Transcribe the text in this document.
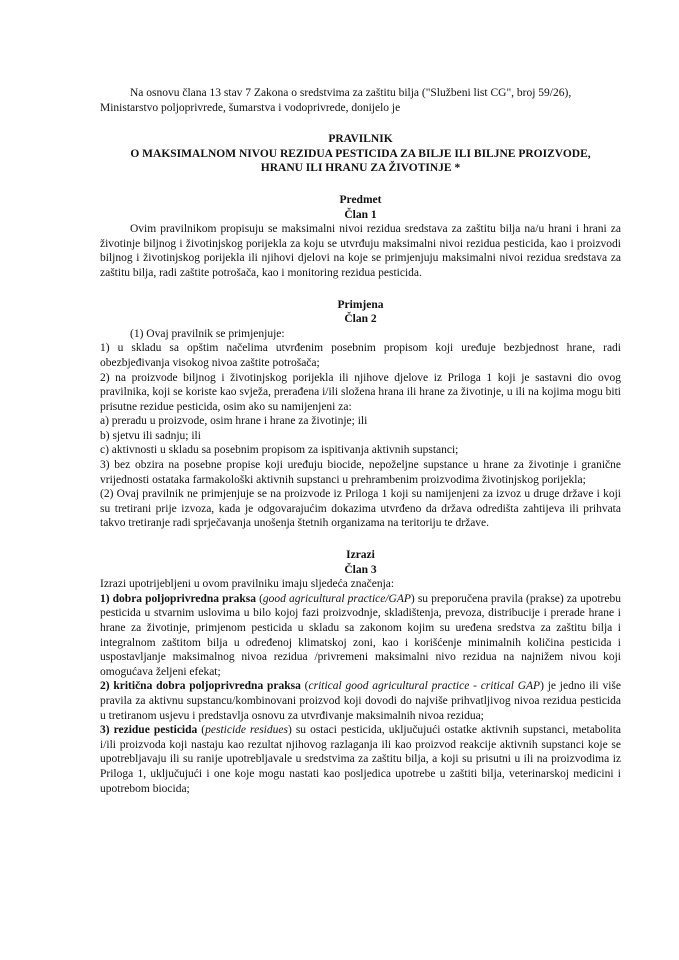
Na osnovu člana 13 stav 7 Zakona o sredstvima za zaštitu bilja ("Službeni list CG", broj 59/26),

Ministarstvo poljoprivrede, šumarstva i vodoprivrede, donijelo je

PRAVILNIK

O MAKSIMALNOM NIVOU REZIDUA PESTICIDA ZA BILJE ILI BILJNE PROIZVODE,

HRANU ILI HRANU ZA ŽIVOTINJE *

Predmet

Član 1

Ovim pravilnikom propisuju se maksimalni nivoi rezidua sredstava za zaštitu bilja na/u hrani i hrani za životinje biljnog i životinjskog porijekla za koju se utvrđuju maksimalni nivoi rezidua pesticida, kao i proizvodi biljnog i životinjskog porijekla ili njihovi djelovi na koje se primjenjuju maksimalni nivoi rezidua sredstava za zaštitu bilja, radi zaštite potrošača, kao i monitoring rezidua pesticida.

Primjena

Član 2

(1) Ovaj pravilnik se primjenjuje:

1) u skladu sa opštim načelima utvrđenim posebnim propisom koji uređuje bezbjednost hrane, radi obezbjeđivanja visokog nivoa zaštite potrošača;

2) na proizvode biljnog i životinjskog porijekla ili njihove djelove iz Priloga 1 koji je sastavni dio ovog pravilnika, koji se koriste kao svježa, prerađena i/ili složena hrana ili hrane za životinje, u ili na kojima mogu biti prisutne rezidue pesticida, osim ako su namijenjeni za:

a) preradu u proizvode, osim hrane i hrane za životinje; ili

b) sjetvu ili sadnju; ili

c) aktivnosti u skladu sa posebnim propisom za ispitivanja aktivnih supstanci;

3) bez obzira na posebne propise koji uređuju biocide, nepoželjne supstance u hrane za životinje i granične vrijednosti ostataka farmakološki aktivnih supstanci u prehrambenim proizvodima životinjskog porijekla;

(2) Ovaj pravilnik ne primjenjuje se na proizvode iz Priloga 1 koji su namijenjeni za izvoz u druge države i koji su tretirani prije izvoza, kada je odgovarajućim dokazima utvrđeno da država odredišta zahtijeva ili prihvata takvo tretiranje radi sprječavanja unošenja štetnih organizama na teritoriju te države.

Izrazi

Član 3

Izrazi upotrijebljeni u ovom pravilniku imaju sljedeća značenja:

1) dobra poljoprivredna praksa (good agricultural practice/GAP) su preporučena pravila (prakse) za upotrebu pesticida u stvarnim uslovima u bilo kojoj fazi proizvodnje, skladištenja, prevoza, distribucije i prerade hrane i hrane za životinje, primjenom pesticida u skladu sa zakonom kojim su uređena sredstva za zaštitu bilja i integralnom zaštitom bilja u određenoj klimatskoj zoni, kao i korišćenje minimalnih količina pesticida i uspostavljanje maksimalnog nivoa rezidua /privremeni maksimalni nivo rezidua na najnižem nivou koji omogućava željeni efekat;

2) kritična dobra poljoprivredna praksa (critical good agricultural practice - critical GAP) je jedno ili više pravila za aktivnu supstancu/kombinovani proizvod koji dovodi do najviše prihvatljivog nivoa rezidua pesticida u tretiranom usjevu i predstavlja osnovu za utvrđivanje maksimalnih nivoa rezidua;

3) rezidue pesticida (pesticide residues) su ostaci pesticida, uključujući ostatke aktivnih supstanci, metabolita i/ili proizvoda koji nastaju kao rezultat njihovog razlaganja ili kao proizvod reakcije aktivnih supstanci koje se upotrebljavaju ili su ranije upotrebljavale u sredstvima za zaštitu bilja, a koji su prisutni u ili na proizvodima iz Priloga 1, uključujući i one koje mogu nastati kao posljedica upotrebe u zaštiti bilja, veterinarskoj medicini i upotrebom biocida;
